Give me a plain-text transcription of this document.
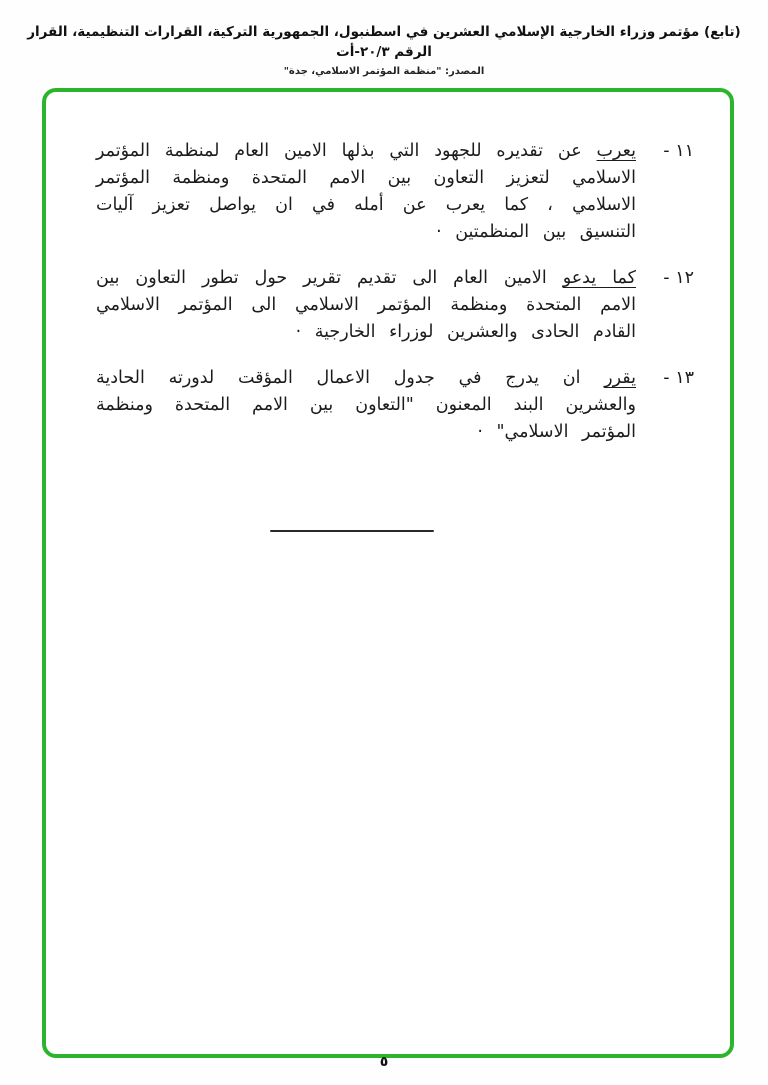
(تابع) مؤتمر وزراء الخارجية الإسلامي العشرين في اسطنبول، الجمهورية التركية، القرارات التنظيمية، القرار الرقم ٢٠/٣-أت
المصدر: "منظمة المؤتمر الاسلامي، جدة"
١١ -
يعرب عن تقديره للجهود التي بذلها الامين العام لمنظمة المؤتمر الاسلامي لتعزيز التعاون بين الامم المتحدة ومنظمة المؤتمر الاسلامي ، كما يعرب عن أمله في ان يواصل تعزيز آليات التنسيق بين المنظمتين ·
١٢ -
كما يدعو الامين العام الى تقديم تقرير حول تطور التعاون بين الامم المتحدة ومنظمة المؤتمر الاسلامي الى المؤتمر الاسلامي القادم الحادى والعشرين لوزراء الخارجية ·
١٣ -
يقرر ان يدرج في جدول الاعمال المؤقت لدورته الحادية والعشرين البند المعنون "التعاون بين الامم المتحدة ومنظمة المؤتمر الاسلامي" ·
٥
